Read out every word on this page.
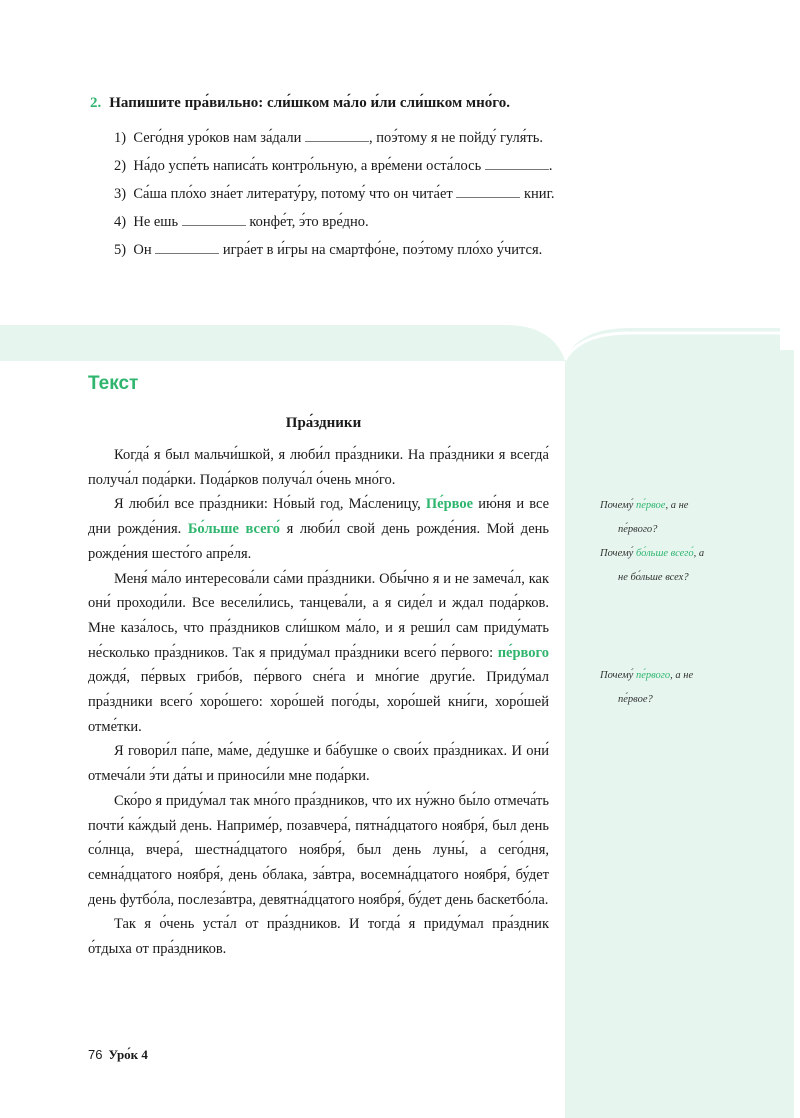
2. Напишите пра́вильно: сли́шком ма́ло и́ли сли́шком мно́го.
1) Сего́дня уро́ков нам за́дали	, поэ́тому я не пойду́ гуля́ть.
2) На́до успе́ть написа́ть контро́льную, а вре́мени оста́лось	.
3) Са́ша пло́хо зна́ет литерату́ру, потому́ что он чита́ет	книг.
4) Не ешь	конфе́т, э́то вре́дно.
5) Он	игра́ет в и́гры на смартфо́не, поэ́тому пло́хо у́чится.
Текст
Пра́здники

Когда́ я был мальчи́шкой, я люби́л пра́здники. На пра́здники я всегда́ получа́л пода́рки. Пода́рков получа́л о́чень мно́го.

Я люби́л все пра́здники: Но́вый год, Ма́сленицу, Пе́рвое ию́ня и все дни рожде́ния. Бо́льше всего́ я люби́л свой день рожде́ния. Мой день рожде́ния шесто́го апре́ля.

Меня́ ма́ло интересова́ли са́ми пра́здники. Обы́чно я и не замеча́л, как они́ проходи́ли. Все весели́лись, танцева́ли, а я сиде́л и ждал пода́рков. Мне каза́лось, что пра́здников сли́шком ма́ло, и я реши́л сам приду́мать не́сколько пра́здников. Так я приду́мал пра́здники всего́ пе́рвого: пе́рвого дождя́, пе́рвых грибо́в, пе́рвого сне́га и мно́гие други́е. Приду́мал пра́здники всего́ хоро́шего: хоро́шей пого́ды, хоро́шей кни́ги, хоро́шей отме́тки.

Я говори́л па́пе, ма́ме, де́душке и ба́бушке о свои́х пра́здниках. И они́ отмеча́ли э́ти да́ты и приноси́ли мне пода́рки.

Ско́ро я приду́мал так мно́го пра́здников, что их ну́жно бы́ло отмеча́ть почти́ ка́ждый день. Наприме́р, позавчера́, пятна́дцатого ноября́, был день со́лнца, вчера́, шестна́дцатого ноября́, был день луны́, а сего́дня, семна́дцатого ноября́, день о́блака, за́втра, восемна́дцатого ноября́, бу́дет день футбо́ла, послеза́втра, девятна́дцатого ноября́, бу́дет день баскетбо́ла.

Так я о́чень уста́л от пра́здников. И тогда́ я приду́мал пра́здник о́тдыха от пра́здников.

Почему́ пе́рвое, а не
пе́рвого?
Почему́ бо́льше всего́, а
не бо́льше всех?
Почему́ пе́рвого, а не
пе́рвое?
76 Уро́к 4
